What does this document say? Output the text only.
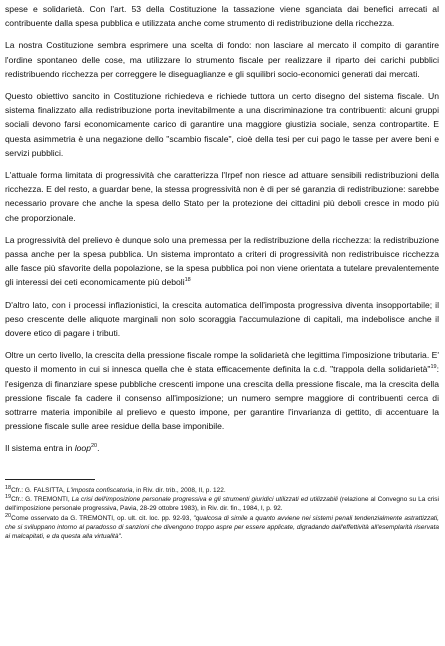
spese e solidarietà. Con l'art. 53 della Costituzione la tassazione viene sganciata dai benefici arrecati al contribuente dalla spesa pubblica e utilizzata anche come strumento di redistribuzione della ricchezza.

La nostra Costituzione sembra esprimere una scelta di fondo: non lasciare al mercato il compito di garantire l'ordine spontaneo delle cose, ma utilizzare lo strumento fiscale per realizzare il riparto dei carichi pubblici redistribuendo ricchezza per correggere le diseguaglianze e gli squilibri socio-economici generati dai mercati.

Questo obiettivo sancito in Costituzione richiedeva e richiede tuttora un certo disegno del sistema fiscale. Un sistema finalizzato alla redistribuzione porta inevitabilmente a una discriminazione tra contribuenti: alcuni gruppi sociali devono farsi economicamente carico di garantire una maggiore giustizia sociale, senza contropartite. E questa asimmetria è una negazione dello "scambio fiscale", cioè della tesi per cui pago le tasse per avere beni e servizi pubblici.

L'attuale forma limitata di progressività che caratterizza l'Irpef non riesce ad attuare sensibili redistribuzioni della ricchezza. E del resto, a guardar bene, la stessa progressività non è di per sé garanzia di redistribuzione: sarebbe necessario provare che anche la spesa dello Stato per la protezione dei cittadini più deboli cresce in modo più che proporzionale.

La progressività del prelievo è dunque solo una premessa per la redistribuzione della ricchezza: la redistribuzione passa anche per la spesa pubblica. Un sistema improntato a criteri di progressività non redistribuisce ricchezza alle fasce più sfavorite della popolazione, se la spesa pubblica poi non viene orientata a tutelare prevalentemente gli interessi dei ceti economicamente più deboli$^{18}$

D'altro lato, con i processi inflazionistici, la crescita automatica dell'imposta progressiva diventa insopportabile; il peso crescente delle aliquote marginali non solo scoraggia l'accumulazione di capitali, ma indebolisce anche il dovere etico di pagare i tributi.

Oltre un certo livello, la crescita della pressione fiscale rompe la solidarietà che legittima l'imposizione tributaria. E' questo il momento in cui si innesca quella che è stata efficacemente definita la c.d. "trappola della solidarietà"$^{19}$: l'esigenza di finanziare spese pubbliche crescenti impone una crescita della pressione fiscale, ma la crescita della pressione fiscale fa cadere il consenso all'imposizione; un numero sempre maggiore di contribuenti cerca di sottrarre materia imponibile al prelievo e questo impone, per garantire l'invarianza di gettito, di accentuare la pressione fiscale sulle aree residue della base imponibile.

Il sistema entra in loop$^{20}$.

$^{18}$Cfr.: G. FALSITTA, L'imposta confiscatoria, in Riv. dir. trib., 2008, II, p. 122.

$^{19}$Cfr.: G. TREMONTI, La crisi dell'imposizione personale progressiva e gli strumenti giuridici utilizzati ed utilizzabili (relazione al Convegno su La crisi dell'imposizione personale progressiva, Pavia, 28-29 ottobre 1983), in Riv. dir. fin., 1984, I, p. 92.

$^{20}$Come osservato da G. TREMONTI, op. ult. cit. loc. pp. 92-93, "qualcosa di simile a quanto avviene nei sistemi penali tendenzialmente astrattizzati, che si sviluppano intorno al paradosso di sanzioni che divengono troppo aspre per essere applicate, digradando dall'effettività all'esemplarità riservata ai malcapitati, e da questa alla virtualità".
